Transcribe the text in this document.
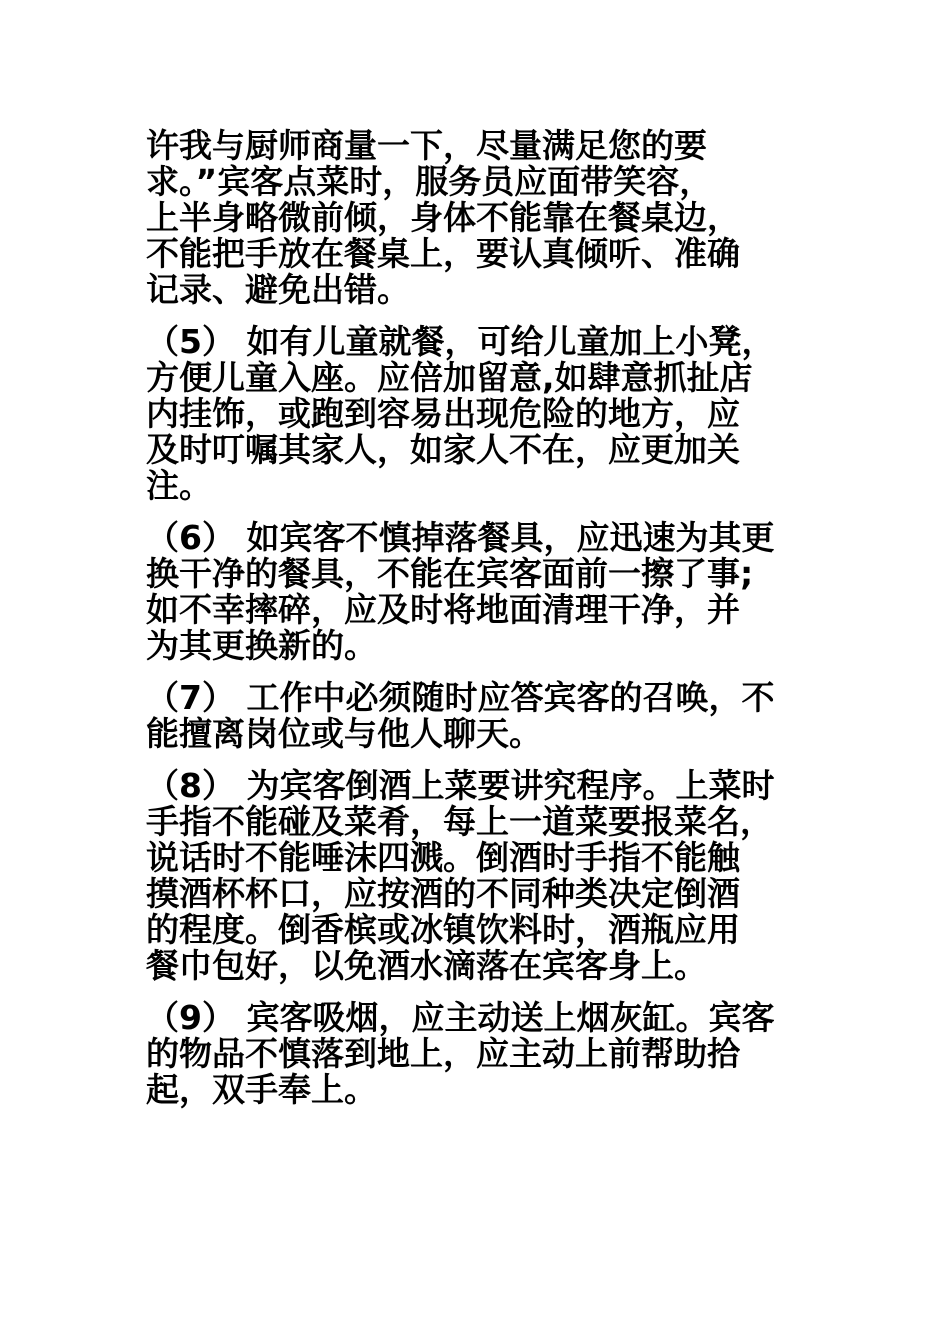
许我与厨师商量一下，尽量满足您的要
求。”宾客点菜时，服务员应面带笑容，
上半身略微前倾，身体不能靠在餐桌边，
不能把手放在餐桌上，要认真倾听、准确
记录、避免出错。

（5） 如有儿童就餐，可给儿童加上小凳，
方便儿童入座。应倍加留意,如肆意抓扯店
内挂饰，或跑到容易出现危险的地方，应
及时叮嘱其家人，如家人不在，应更加关
注。

（6） 如宾客不慎掉落餐具，应迅速为其更
换干净的餐具，不能在宾客面前一擦了事;
如不幸摔碎，应及时将地面清理干净，并
为其更换新的。

（7） 工作中必须随时应答宾客的召唤，不
能擅离岗位或与他人聊天。

（8） 为宾客倒酒上菜要讲究程序。上菜时
手指不能碰及菜肴，每上一道菜要报菜名，
说话时不能唾沫四溅。倒酒时手指不能触
摸酒杯杯口，应按酒的不同种类决定倒酒
的程度。倒香槟或冰镇饮料时，酒瓶应用
餐巾包好，以免酒水滴落在宾客身上。

（9） 宾客吸烟，应主动送上烟灰缸。宾客
的物品不慎落到地上，应主动上前帮助拾
起，双手奉上。
